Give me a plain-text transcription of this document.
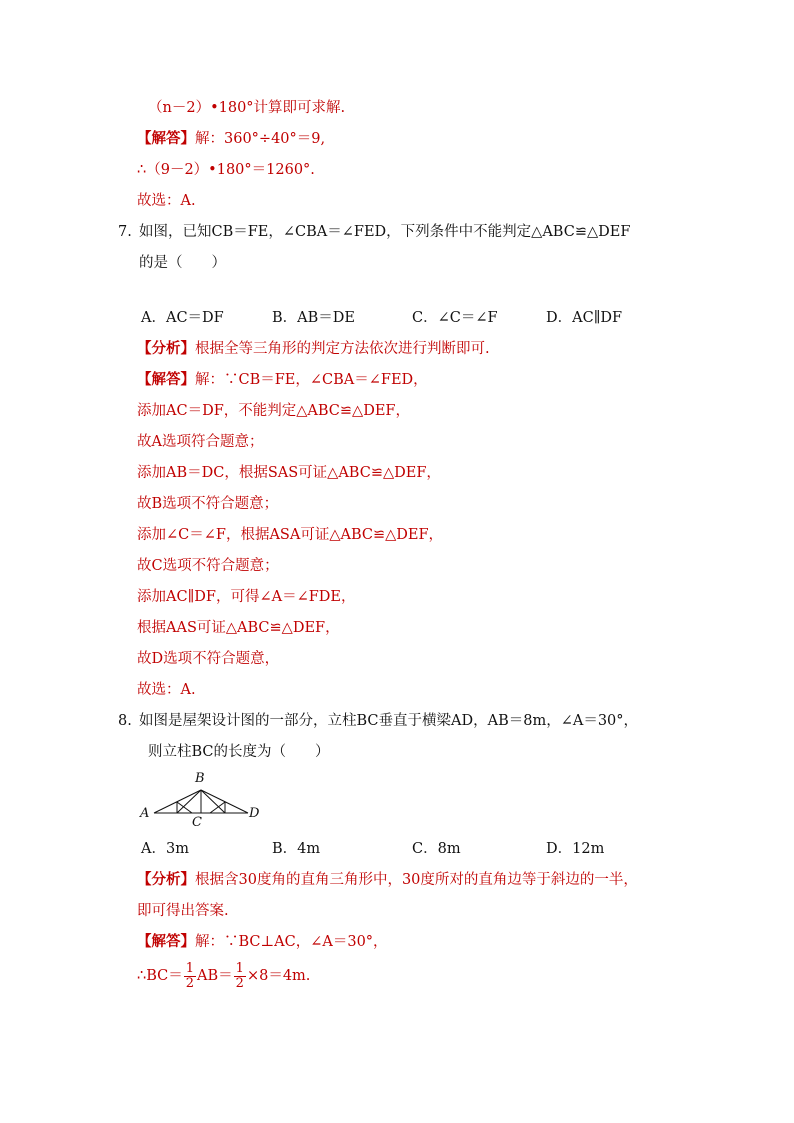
（n－2）•180°计算即可求解.
【解答】解：360°÷40°＝9,
∴（9－2）•180°＝1260°.
故选：A.
7. 如图，已知CB＝FE，∠CBA＝∠FED，下列条件中不能判定△ABC≌△DEF
的是（　　）
A．AC＝DF	B．AB＝DE	C．∠C＝∠F	D．AC∥DF
【分析】根据全等三角形的判定方法依次进行判断即可.
【解答】解：∵CB＝FE，∠CBA＝∠FED，
添加AC＝DF，不能判定△ABC≌△DEF，
故A选项符合题意；
添加AB＝DC，根据SAS可证△ABC≌△DEF，
故B选项不符合题意；
添加∠C＝∠F，根据ASA可证△ABC≌△DEF，
故C选项不符合题意；
添加AC∥DF，可得∠A＝∠FDE，
根据AAS可证△ABC≌△DEF，
故D选项不符合题意，
故选：A.
8. 如图是屋架设计图的一部分，立柱BC垂直于横梁AD，AB＝8m，∠A＝30°，
则立柱BC的长度为（　　）
A
B
C
D
A．3m	B．4m	C．8m	D．12m
【分析】根据含30度角的直角三角形中，30度所对的直角边等于斜边的一半，
即可得出答案.
【解答】解：∵BC⊥AC，∠A＝30°，
∴BC＝ $\frac{1}{2} AB= \frac{1}{2} \times 8=4m$.
